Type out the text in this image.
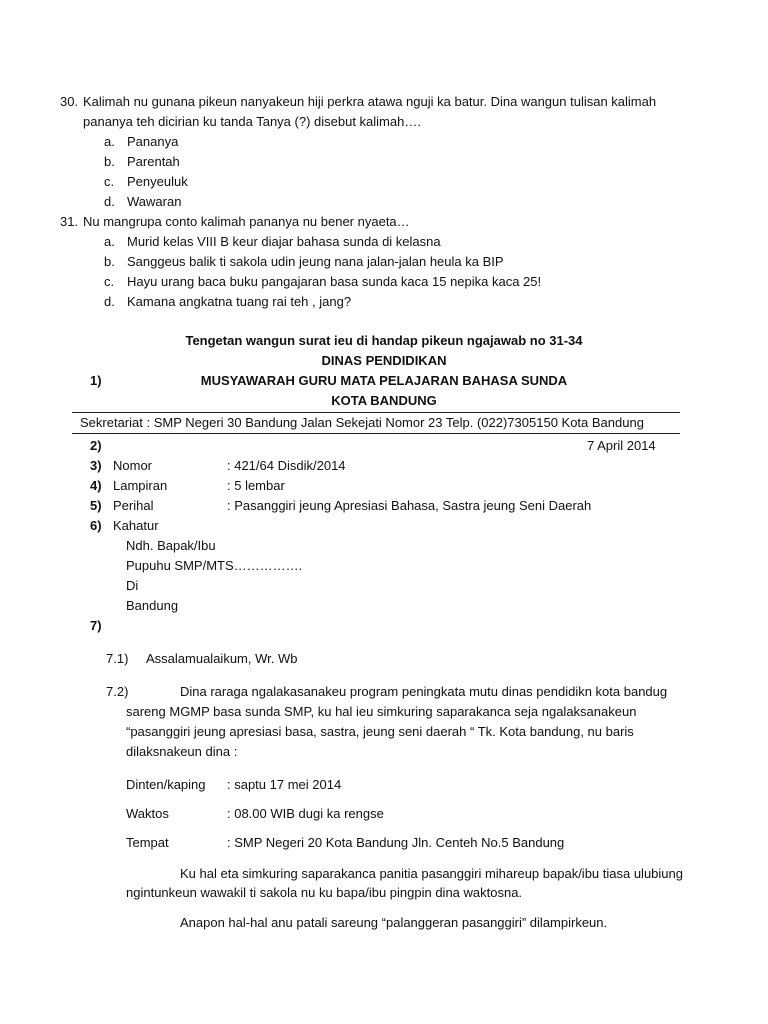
30. Kalimah nu gunana pikeun nanyakeun hiji perkra atawa nguji ka batur. Dina wangun tulisan kalimah
pananya teh dicirian ku tanda Tanya (?) disebut kalimah….
a. Pananya
b. Parentah
c. Penyeuluk
d. Wawaran
31. Nu mangrupa conto kalimah pananya nu bener nyaeta…
a. Murid kelas VIII B keur diajar bahasa sunda di kelasna
b. Sanggeus balik ti sakola udin jeung nana jalan-jalan heula ka BIP
c. Hayu urang baca buku pangajaran basa sunda kaca 15 nepika kaca 25!
d. Kamana angkatna tuang rai teh , jang?
Tengetan wangun surat ieu di handap pikeun ngajawab no 31-34
DINAS PENDIDIKAN
1)	MUSYAWARAH GURU MATA PELAJARAN BAHASA SUNDA
KOTA BANDUNG
Sekretariat : SMP Negeri 30 Bandung Jalan Sekejati Nomor 23 Telp. (022)7305150 Kota Bandung
2)	7 April 2014
3) Nomor	: 421/64 Disdik/2014
4) Lampiran	: 5 lembar
5) Perihal	: Pasanggiri jeung Apresiasi Bahasa, Sastra jeung Seni Daerah
6) Kahatur
Ndh. Bapak/Ibu
Pupuhu SMP/MTS…………….
Di
Bandung
7)
7.1) Assalamualaikum, Wr. Wb
7.2)	Dina raraga ngalakasanakeu program peningkata mutu dinas pendidikn kota bandug
sareng MGMP basa sunda SMP, ku hal ieu simkuring saparakanca seja ngalaksanakeun
“pasanggiri jeung apresiasi basa, sastra, jeung seni daerah “ Tk. Kota bandung, nu baris
dilaksnakeun dina :
Dinten/kaping : saptu 17 mei 2014
Waktos	: 08.00 WIB dugi ka rengse
Tempat	: SMP Negeri 20 Kota Bandung Jln. Centeh No.5 Bandung
Ku hal eta simkuring saparakanca panitia pasanggiri mihareup bapak/ibu tiasa ulubiung
ngintunkeun wawakil ti sakola nu ku bapa/ibu pingpin dina waktosna.
Anapon hal-hal anu patali sareung “palanggeran pasanggiri” dilampirkeun.
